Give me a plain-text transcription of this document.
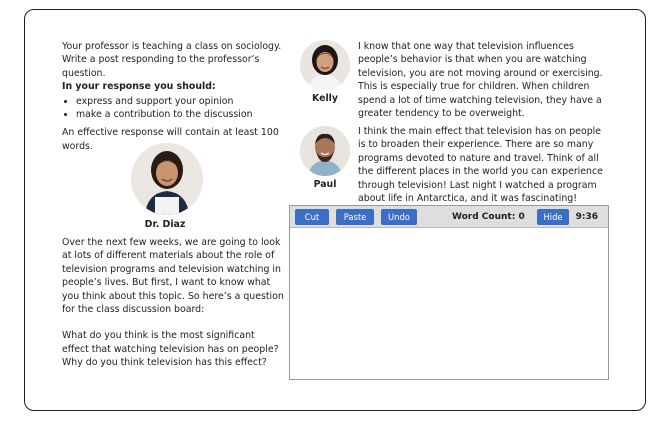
Your professor is teaching a class on sociology. Write a post responding to the professor’s question.

In your response you should:

• express and support your opinion
• make a contribution to the discussion

An effective response will contain at least 100 words.

Dr. Diaz

Over the next few weeks, we are going to look at lots of different materials about the role of television programs and television watching in people’s lives. But first, I want to know what you think about this topic. So here’s a question for the class discussion board:

What do you think is the most significant effect that watching television has on people? Why do you think television has this effect?

Kelly
I know that one way that television influences people’s behavior is that when you are watching television, you are not moving around or exercising. This is especially true for children. When children spend a lot of time watching television, they have a greater tendency to be overweight.
Paul
I think the main effect that television has on people is to broaden their experience. There are so many programs devoted to nature and travel. Think of all the different places in the world you can experience through television! Last night I watched a program about life in Antarctica, and it was fascinating!
Cut	Paste	Undo	Word Count: 0	Hide	9:36
